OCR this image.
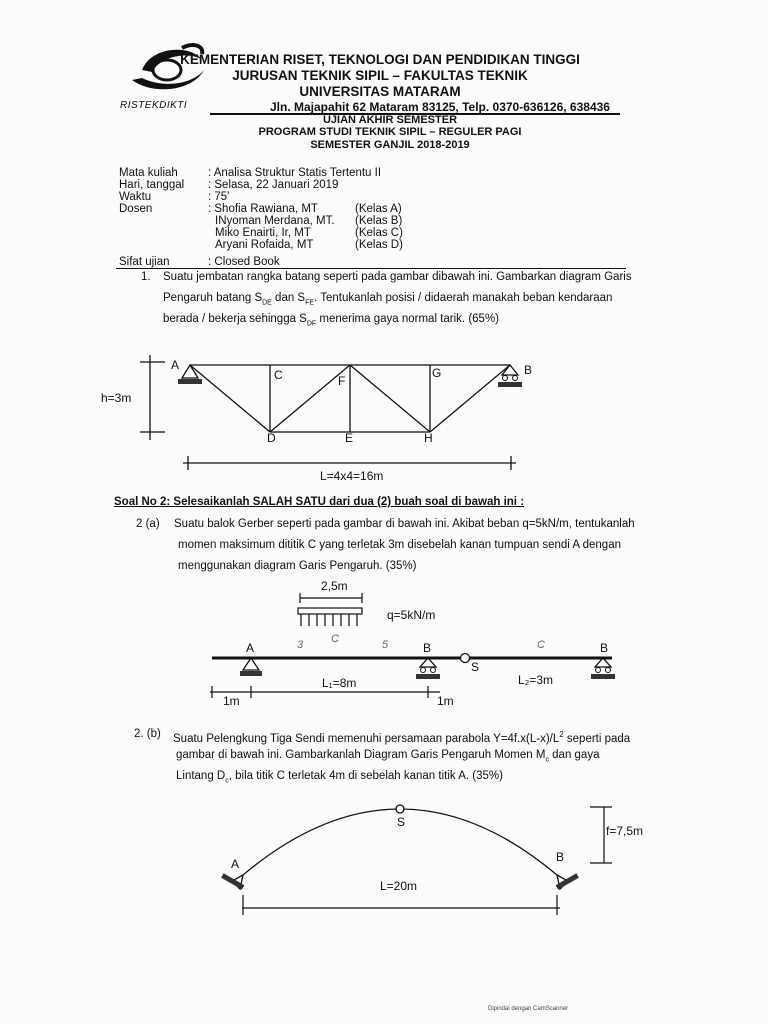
RISTEKDIKTI
KEMENTERIAN RISET, TEKNOLOGI DAN PENDIDIKAN TINGGI
JURUSAN TEKNIK SIPIL – FAKULTAS TEKNIK
UNIVERSITAS MATARAM
Jln. Majapahit 62 Mataram 83125, Telp. 0370-636126, 638436
UJIAN AKHIR SEMESTER
PROGRAM STUDI TEKNIK SIPIL – REGULER PAGI
SEMESTER GANJIL 2018-2019
Mata kuliah	: Analisa Struktur Statis Tertentu II
Hari, tanggal : Selasa, 22 Januari 2019
Waktu	: 75'
Dosen	: Shofia Rawiana, MT	(Kelas A)
INyoman Merdana, MT. (Kelas B)
Miko Enairti, Ir, MT	(Kelas C)
Aryani Rofaida, MT	(Kelas D)
Sifat ujian	: Closed Book
1. Suatu jembatan rangka batang seperti pada gambar dibawah ini. Gambarkan diagram Garis
Pengaruh batang $S_{DE}$ dan $S_{FE}$. Tentukanlah posisi / didaerah manakah beban kendaraan
berada / bekerja sehingga $S_{DF}$ menerima gaya normal tarik. (65%)
A
C	F
G	B
D	E	H
h=3m
L=4x4=16m
Soal No 2: Selesaikanlah SALAH SATU dari dua (2) buah soal di bawah ini :
2 (a) Suatu balok Gerber seperti pada gambar di bawah ini. Akibat beban q=5kN/m, tentukanlah
momen maksimum dititik C yang terletak 3m disebelah kanan tumpuan sendi A dengan
menggunakan diagram Garis Pengaruh. (35%)
2,5m
q=5kN/m
A	B
S
B
L₁=8m	L₂=3m
1m	1m
3	C	5	C
2. (b) Suatu Pelengkung Tiga Sendi memenuhi persamaan parabola $Y=4f.x(L-x)/L^2$ seperti pada
gambar di bawah ini. Gambarkanlah Diagram Garis Pengaruh Momen $M_c$ dan gaya
Lintang $D_c$, bila titik C terletak 4m di sebelah kanan titik A. (35%)
A
S
B
L=20m
f=7,5m
Dipindai dengan CamScanner
